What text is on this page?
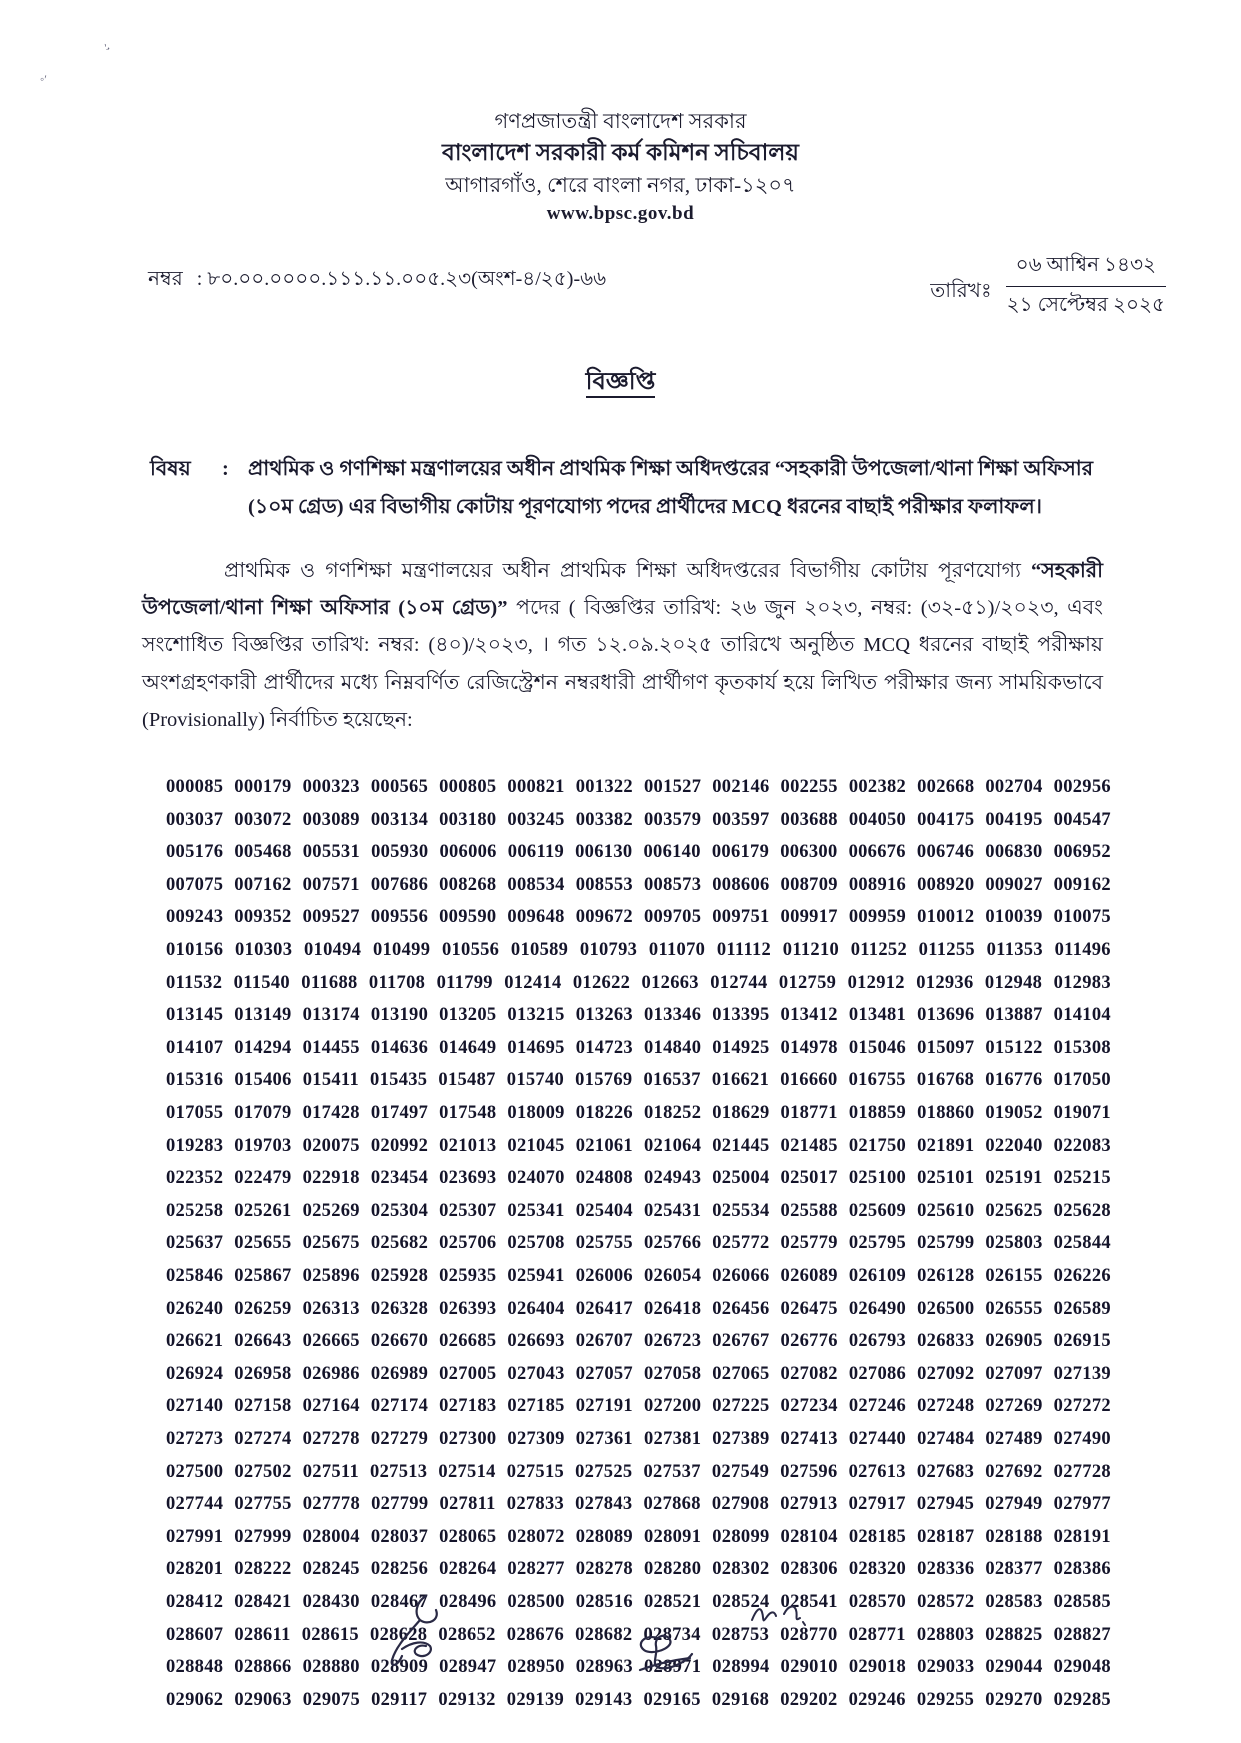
`’
◦′
গণপ্রজাতন্ত্রী বাংলাদেশ সরকার
বাংলাদেশ সরকারী কর্ম কমিশন সচিবালয়
আগারগাঁও, শেরে বাংলা নগর, ঢাকা-১২০৭
www.bpsc.gov.bd
নম্বর : ৮০.০০.০০০০.১১১.১১.০০৫.২৩(অংশ-৪/২৫)-৬৬
তারিখঃ $\frac{\text{০৬ আশ্বিন ১৪৩২}}{\text{২১ সেপ্টেম্বর ২০২৫}}$
বিজ্ঞপ্তি
বিষয়	: প্রাথমিক ও গণশিক্ষা মন্ত্রণালয়ের অধীন প্রাথমিক শিক্ষা অধিদপ্তরের “সহকারী উপজেলা/থানা শিক্ষা অফিসার (১০ম গ্রেড) এর বিভাগীয় কোটায় পূরণযোগ্য পদের প্রার্থীদের MCQ ধরনের বাছাই পরীক্ষার ফলাফল।
প্রাথমিক ও গণশিক্ষা মন্ত্রণালয়ের অধীন প্রাথমিক শিক্ষা অধিদপ্তরের বিভাগীয় কোটায় পূরণযোগ্য “সহকারী উপজেলা/থানা শিক্ষা অফিসার (১০ম গ্রেড)” পদের ( বিজ্ঞপ্তির তারিখ: ২৬ জুন ২০২৩, নম্বর: (৩২-৫১)/২০২৩, এবং সংশোধিত বিজ্ঞপ্তির তারিখ: নম্বর: (৪০)/২০২৩, । গত ১২.০৯.২০২৫ তারিখে অনুষ্ঠিত MCQ ধরনের বাছাই পরীক্ষায় অংশগ্রহণকারী প্রার্থীদের মধ্যে নিম্নবর্ণিত রেজিস্ট্রেশন নম্বরধারী প্রার্থীগণ কৃতকার্য হয়ে লিখিত পরীক্ষার জন্য সাময়িকভাবে (Provisionally) নির্বাচিত হয়েছেন:
000085 000179 000323 000565 000805 000821 001322 001527 002146 002255 002382 002668 002704 002956
003037 003072 003089 003134 003180 003245 003382 003579 003597 003688 004050 004175 004195 004547
005176 005468 005531 005930 006006 006119 006130 006140 006179 006300 006676 006746 006830 006952
007075 007162 007571 007686 008268 008534 008553 008573 008606 008709 008916 008920 009027 009162
009243 009352 009527 009556 009590 009648 009672 009705 009751 009917 009959 010012 010039 010075
010156 010303 010494 010499 010556 010589 010793 011070 011112 011210 011252 011255 011353 011496
011532 011540 011688 011708 011799 012414 012622 012663 012744 012759 012912 012936 012948 012983
013145 013149 013174 013190 013205 013215 013263 013346 013395 013412 013481 013696 013887 014104
014107 014294 014455 014636 014649 014695 014723 014840 014925 014978 015046 015097 015122 015308
015316 015406 015411 015435 015487 015740 015769 016537 016621 016660 016755 016768 016776 017050
017055 017079 017428 017497 017548 018009 018226 018252 018629 018771 018859 018860 019052 019071
019283 019703 020075 020992 021013 021045 021061 021064 021445 021485 021750 021891 022040 022083
022352 022479 022918 023454 023693 024070 024808 024943 025004 025017 025100 025101 025191 025215
025258 025261 025269 025304 025307 025341 025404 025431 025534 025588 025609 025610 025625 025628
025637 025655 025675 025682 025706 025708 025755 025766 025772 025779 025795 025799 025803 025844
025846 025867 025896 025928 025935 025941 026006 026054 026066 026089 026109 026128 026155 026226
026240 026259 026313 026328 026393 026404 026417 026418 026456 026475 026490 026500 026555 026589
026621 026643 026665 026670 026685 026693 026707 026723 026767 026776 026793 026833 026905 026915
026924 026958 026986 026989 027005 027043 027057 027058 027065 027082 027086 027092 027097 027139
027140 027158 027164 027174 027183 027185 027191 027200 027225 027234 027246 027248 027269 027272
027273 027274 027278 027279 027300 027309 027361 027381 027389 027413 027440 027484 027489 027490
027500 027502 027511 027513 027514 027515 027525 027537 027549 027596 027613 027683 027692 027728
027744 027755 027778 027799 027811 027833 027843 027868 027908 027913 027917 027945 027949 027977
027991 027999 028004 028037 028065 028072 028089 028091 028099 028104 028185 028187 028188 028191
028201 028222 028245 028256 028264 028277 028278 028280 028302 028306 028320 028336 028377 028386
028412 028421 028430 028467 028496 028500 028516 028521 028524 028541 028570 028572 028583 028585
028607 028611 028615 028628 028652 028676 028682 028734 028753 028770 028771 028803 028825 028827
028848 028866 028880 028909 028947 028950 028963 028971 028994 029010 029018 029033 029044 029048
029062 029063 029075 029117 029132 029139 029143 029165 029168 029202 029246 029255 029270 029285
